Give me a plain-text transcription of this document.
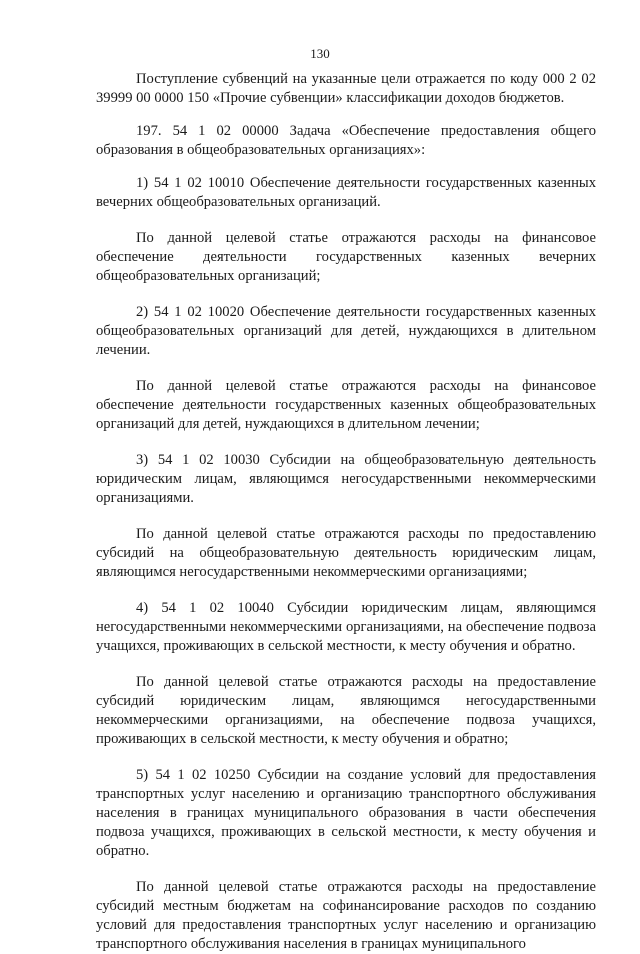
130

Поступление субвенций на указанные цели отражается по коду 000 2 02 39999 00 0000 150 «Прочие субвенции» классификации доходов бюджетов.

197. 54 1 02 00000 Задача «Обеспечение предоставления общего образования в общеобразовательных организациях»:

1) 54 1 02 10010 Обеспечение деятельности государственных казенных вечерних общеобразовательных организаций.

По данной целевой статье отражаются расходы на финансовое обеспечение деятельности государственных казенных вечерних общеобразовательных организаций;

2) 54 1 02 10020 Обеспечение деятельности государственных казенных общеобразовательных организаций для детей, нуждающихся в длительном лечении.

По данной целевой статье отражаются расходы на финансовое обеспечение деятельности государственных казенных общеобразовательных организаций для детей, нуждающихся в длительном лечении;

3) 54 1 02 10030 Субсидии на общеобразовательную деятельность юридическим лицам, являющимся негосударственными некоммерческими организациями.

По данной целевой статье отражаются расходы по предоставлению субсидий на общеобразовательную деятельность юридическим лицам, являющимся негосударственными некоммерческими организациями;

4) 54 1 02 10040 Субсидии юридическим лицам, являющимся негосударственными некоммерческими организациями, на обеспечение подвоза учащихся, проживающих в сельской местности, к месту обучения и обратно.

По данной целевой статье отражаются расходы на предоставление субсидий юридическим лицам, являющимся негосударственными некоммерческими организациями, на обеспечение подвоза учащихся, проживающих в сельской местности, к месту обучения и обратно;

5) 54 1 02 10250 Субсидии на создание условий для предоставления транспортных услуг населению и организацию транспортного обслуживания населения в границах муниципального образования в части обеспечения подвоза учащихся, проживающих в сельской местности, к месту обучения и обратно.

По данной целевой статье отражаются расходы на предоставление субсидий местным бюджетам на софинансирование расходов по созданию условий для предоставления транспортных услуг населению и организацию транспортного обслуживания населения в границах муниципального
